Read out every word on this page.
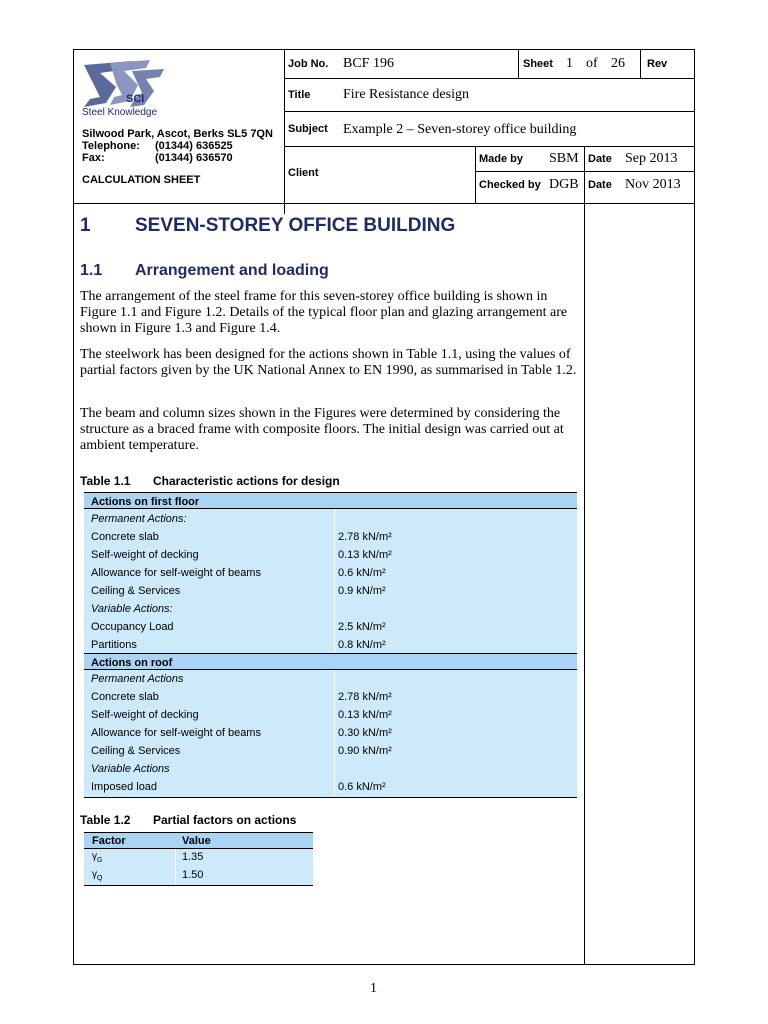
SCI
Steel Knowledge
Silwood Park, Ascot, Berks SL5 7QN
Telephone: (01344) 636525
Fax:	(01344) 636570
CALCULATION SHEET
Job No. BCF 196	Sheet 1 of 26 Rev
Title Fire Resistance design
Subject Example 2 – Seven-storey office building
Client
Made by SBM Date Sep 2013
Checked by DGB Date Nov 2013
1 SEVEN-STOREY OFFICE BUILDING
1.1 Arrangement and loading
The arrangement of the steel frame for this seven-storey office building is shown in Figure 1.1 and Figure 1.2. Details of the typical floor plan and glazing arrangement are shown in Figure 1.3 and Figure 1.4.
The steelwork has been designed for the actions shown in Table 1.1, using the values of partial factors given by the UK National Annex to EN 1990, as summarised in Table 1.2.
The beam and column sizes shown in the Figures were determined by considering the structure as a braced frame with composite floors. The initial design was carried out at ambient temperature.
Table 1.1 Characteristic actions for design
Actions on first floor
Permanent Actions:
Concrete slab	2.78 kN/m²
Self-weight of decking	0.13 kN/m²
Allowance for self-weight of beams	0.6 kN/m²
Ceiling & Services	0.9 kN/m²
Variable Actions:
Occupancy Load	2.5 kN/m²
Partitions	0.8 kN/m²
Actions on roof
Permanent Actions
Concrete slab	2.78 kN/m²
Self-weight of decking	0.13 kN/m²
Allowance for self-weight of beams	0.30 kN/m²
Ceiling & Services	0.90 kN/m²
Variable Actions
Imposed load	0.6 kN/m²
Table 1.2 Partial factors on actions
Factor	Value
$\gamma_G$	1.35
$\gamma_Q$	1.50
1
